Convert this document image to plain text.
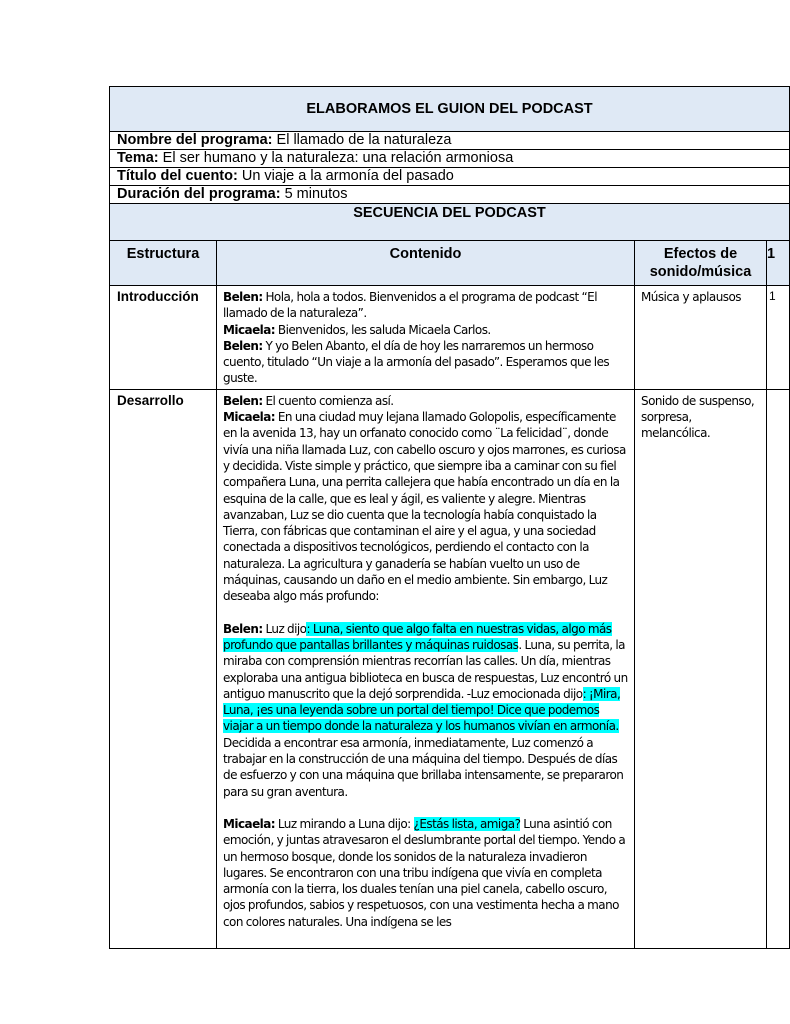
ELABORAMOS EL GUION DEL PODCAST			
Nombre del programa: El llamado de la naturaleza			
Tema: El ser humano y la naturaleza: una relación armoniosa			
Título del cuento: Un viaje a la armonía del pasado			
Duración del programa: 5 minutos			
SECUENCIA DEL PODCAST			
Estructura	Contenido	Efectos de sonido/música	1
Introducción	Belen: Hola, hola a todos. Bienvenidos a el programa de podcast “El llamado de la naturaleza”.

Micaela: Bienvenidos, les saluda Micaela Carlos.

Belen: Y yo Belen Abanto, el día de hoy les narraremos un hermoso cuento, titulado “Un viaje a la armonía del pasado”. Esperamos que les guste.	Música y aplausos	1
Desarrollo	Belen: El cuento comienza así.

Micaela: En una ciudad muy lejana llamado Golopolis, específicamente en la avenida 13, hay un orfanato conocido como ¨La felicidad¨, donde vivía una niña llamada Luz, con cabello oscuro y ojos marrones, es curiosa y decidida. Viste simple y práctico, que siempre iba a caminar con su fiel compañera Luna, una perrita callejera que había encontrado un día en la esquina de la calle, que es leal y ágil, es valiente y alegre. Mientras avanzaban, Luz se dio cuenta que la tecnología había conquistado la Tierra, con fábricas que contaminan el aire y el agua, y una sociedad conectada a dispositivos tecnológicos, perdiendo el contacto con la naturaleza. La agricultura y ganadería se habían vuelto un uso de máquinas, causando un daño en el medio ambiente. Sin embargo, Luz deseaba algo más profundo:

Belen: Luz dijo: Luna, siento que algo falta en nuestras vidas, algo más profundo que pantallas brillantes y máquinas ruidosas. Luna, su perrita, la miraba con comprensión mientras recorrían las calles. Un día, mientras exploraba una antigua biblioteca en busca de respuestas, Luz encontró un antiguo manuscrito que la dejó sorprendida. -Luz emocionada dijo: ¡Mira, Luna, ¡es una leyenda sobre un portal del tiempo! Dice que podemos viajar a un tiempo donde la naturaleza y los humanos vivían en armonía. Decidida a encontrar esa armonía, inmediatamente, Luz comenzó a trabajar en la construcción de una máquina del tiempo. Después de días de esfuerzo y con una máquina que brillaba intensamente, se prepararon para su gran aventura.

Micaela: Luz mirando a Luna dijo: ¿Estás lista, amiga? Luna asintió con emoción, y juntas atravesaron el deslumbrante portal del tiempo. Yendo a un hermoso bosque, donde los sonidos de la naturaleza invadieron lugares. Se encontraron con una tribu indígena que vivía en completa armonía con la tierra, los duales tenían una piel canela, cabello oscuro, ojos profundos, sabios y respetuosos, con una vestimenta hecha a mano con colores naturales. Una indígena se les	Sonido de suspenso, sorpresa, melancólica.	
